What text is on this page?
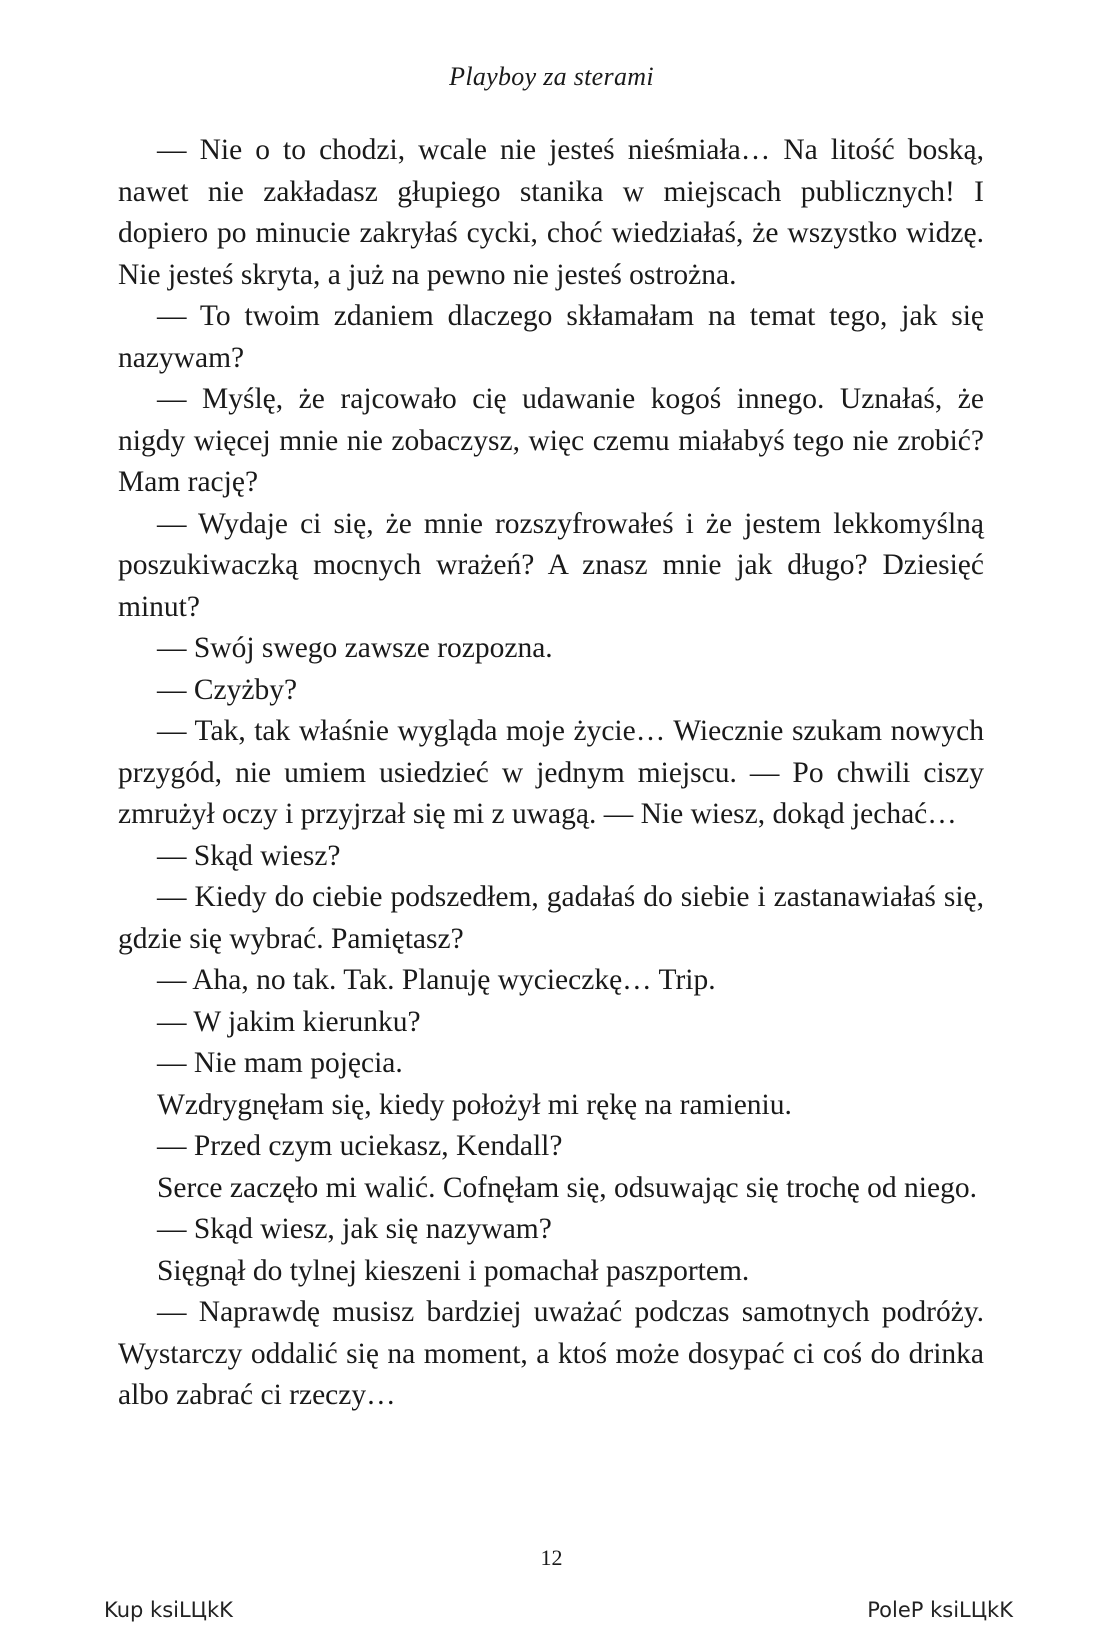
Playboy za sterami

— Nie o to chodzi, wcale nie jesteś nieśmiała… Na litość boską, nawet nie zakładasz głupiego stanika w miejscach publicznych! I dopiero po minucie zakryłaś cycki, choć wiedziałaś, że wszystko widzę. Nie jesteś skryta, a już na pewno nie jesteś ostrożna.

— To twoim zdaniem dlaczego skłamałam na temat tego, jak się nazywam?

— Myślę, że rajcowało cię udawanie kogoś innego. Uznałaś, że nigdy więcej mnie nie zobaczysz, więc czemu miałabyś tego nie zrobić? Mam rację?

— Wydaje ci się, że mnie rozszyfrowałeś i że jestem lekkomyślną poszukiwaczką mocnych wrażeń? A znasz mnie jak długo? Dziesięć minut?

— Swój swego zawsze rozpozna.

— Czyżby?

— Tak, tak właśnie wygląda moje życie… Wiecznie szukam nowych przygód, nie umiem usiedzieć w jednym miejscu. — Po chwili ciszy zmrużył oczy i przyjrzał się mi z uwagą. — Nie wiesz, dokąd jechać…

— Skąd wiesz?

— Kiedy do ciebie podszedłem, gadałaś do siebie i zastanawiałaś się, gdzie się wybrać. Pamiętasz?

— Aha, no tak. Tak. Planuję wycieczkę… Trip.

— W jakim kierunku?

— Nie mam pojęcia.

Wzdrygnęłam się, kiedy położył mi rękę na ramieniu.

— Przed czym uciekasz, Kendall?

Serce zaczęło mi walić. Cofnęłam się, odsuwając się trochę od niego.

— Skąd wiesz, jak się nazywam?

Sięgnął do tylnej kieszeni i pomachał paszportem.

— Naprawdę musisz bardziej uważać podczas samotnych podróży. Wystarczy oddalić się na moment, a ktoś może dosypać ci coś do drinka albo zabrać ci rzeczy…

12
Kup ksiLЦkK	PoleP ksiLЦkK
